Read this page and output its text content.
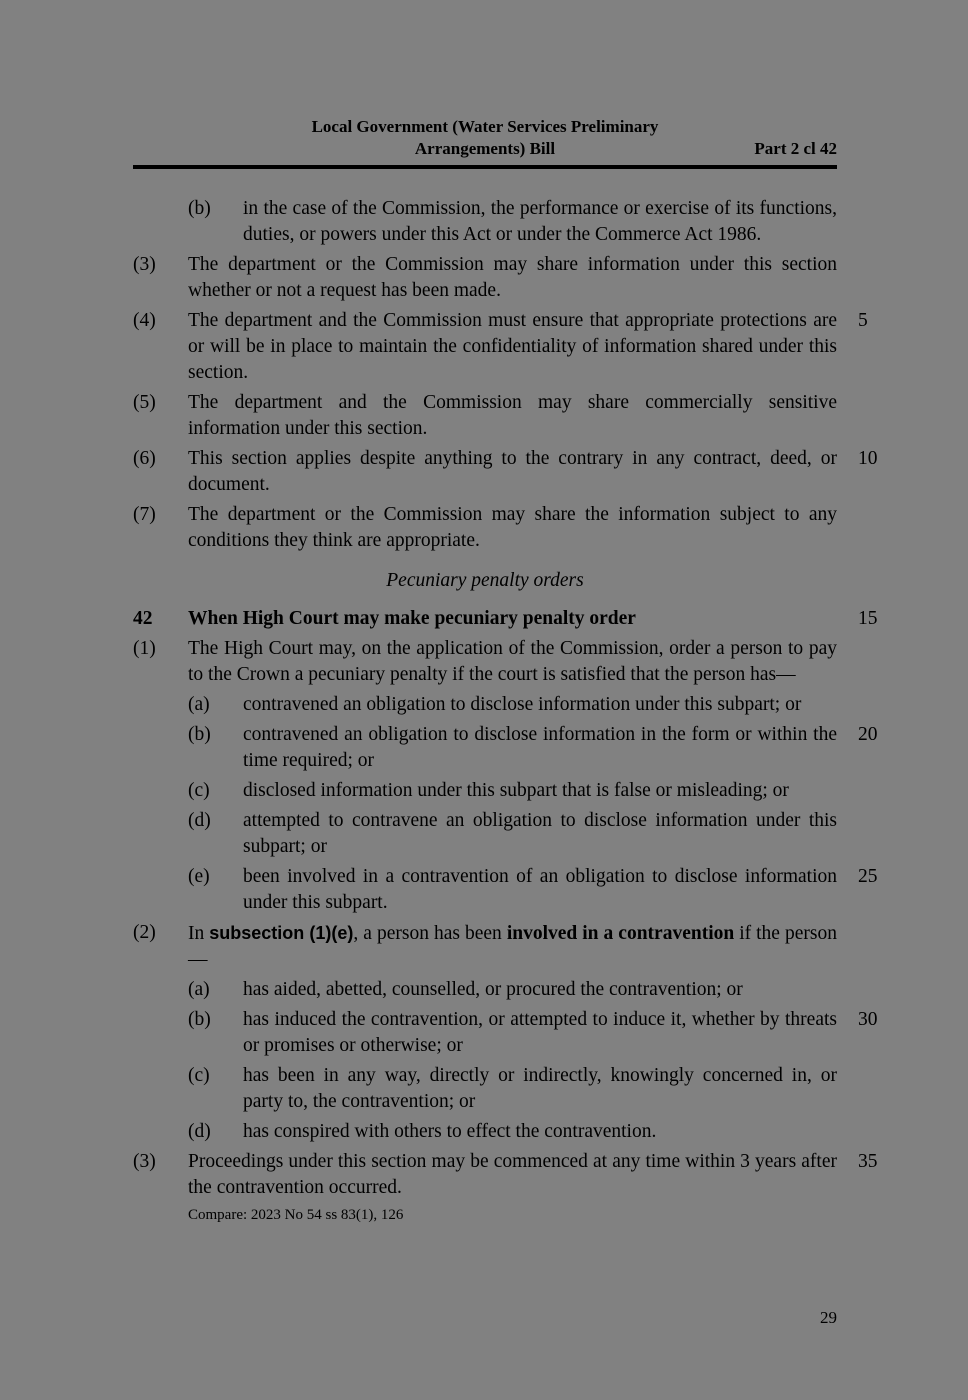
Local Government (Water Services Preliminary
Arrangements) Bill	Part 2 cl 42
(b)	in the case of the Commission, the performance or exercise of its functions, duties, or powers under this Act or under the Commerce Act 1986.
(3)	The department or the Commission may share information under this section whether or not a request has been made.
(4)	The department and the Commission must ensure that appropriate protections are or will be in place to maintain the confidentiality of information shared under this section.
5
(5)	The department and the Commission may share commercially sensitive information under this section.
(6)	This section applies despite anything to the contrary in any contract, deed, or document.
10
(7)	The department or the Commission may share the information subject to any conditions they think are appropriate.
Pecuniary penalty orders
42	When High Court may make pecuniary penalty order	15
(1)	The High Court may, on the application of the Commission, order a person to pay to the Crown a pecuniary penalty if the court is satisfied that the person has—
(a)	contravened an obligation to disclose information under this subpart; or
(b)	contravened an obligation to disclose information in the form or within the time required; or
20
(c)	disclosed information under this subpart that is false or misleading; or
(d)	attempted to contravene an obligation to disclose information under this subpart; or
(e)	been involved in a contravention of an obligation to disclose information under this subpart.
25
(2)	In subsection (1)(e), a person has been involved in a contravention if the person—
(a)	has aided, abetted, counselled, or procured the contravention; or
(b)	has induced the contravention, or attempted to induce it, whether by threats or promises or otherwise; or
30
(c)	has been in any way, directly or indirectly, knowingly concerned in, or party to, the contravention; or
(d)	has conspired with others to effect the contravention.
(3)	Proceedings under this section may be commenced at any time within 3 years after the contravention occurred.
35
Compare: 2023 No 54 ss 83(1), 126
29
